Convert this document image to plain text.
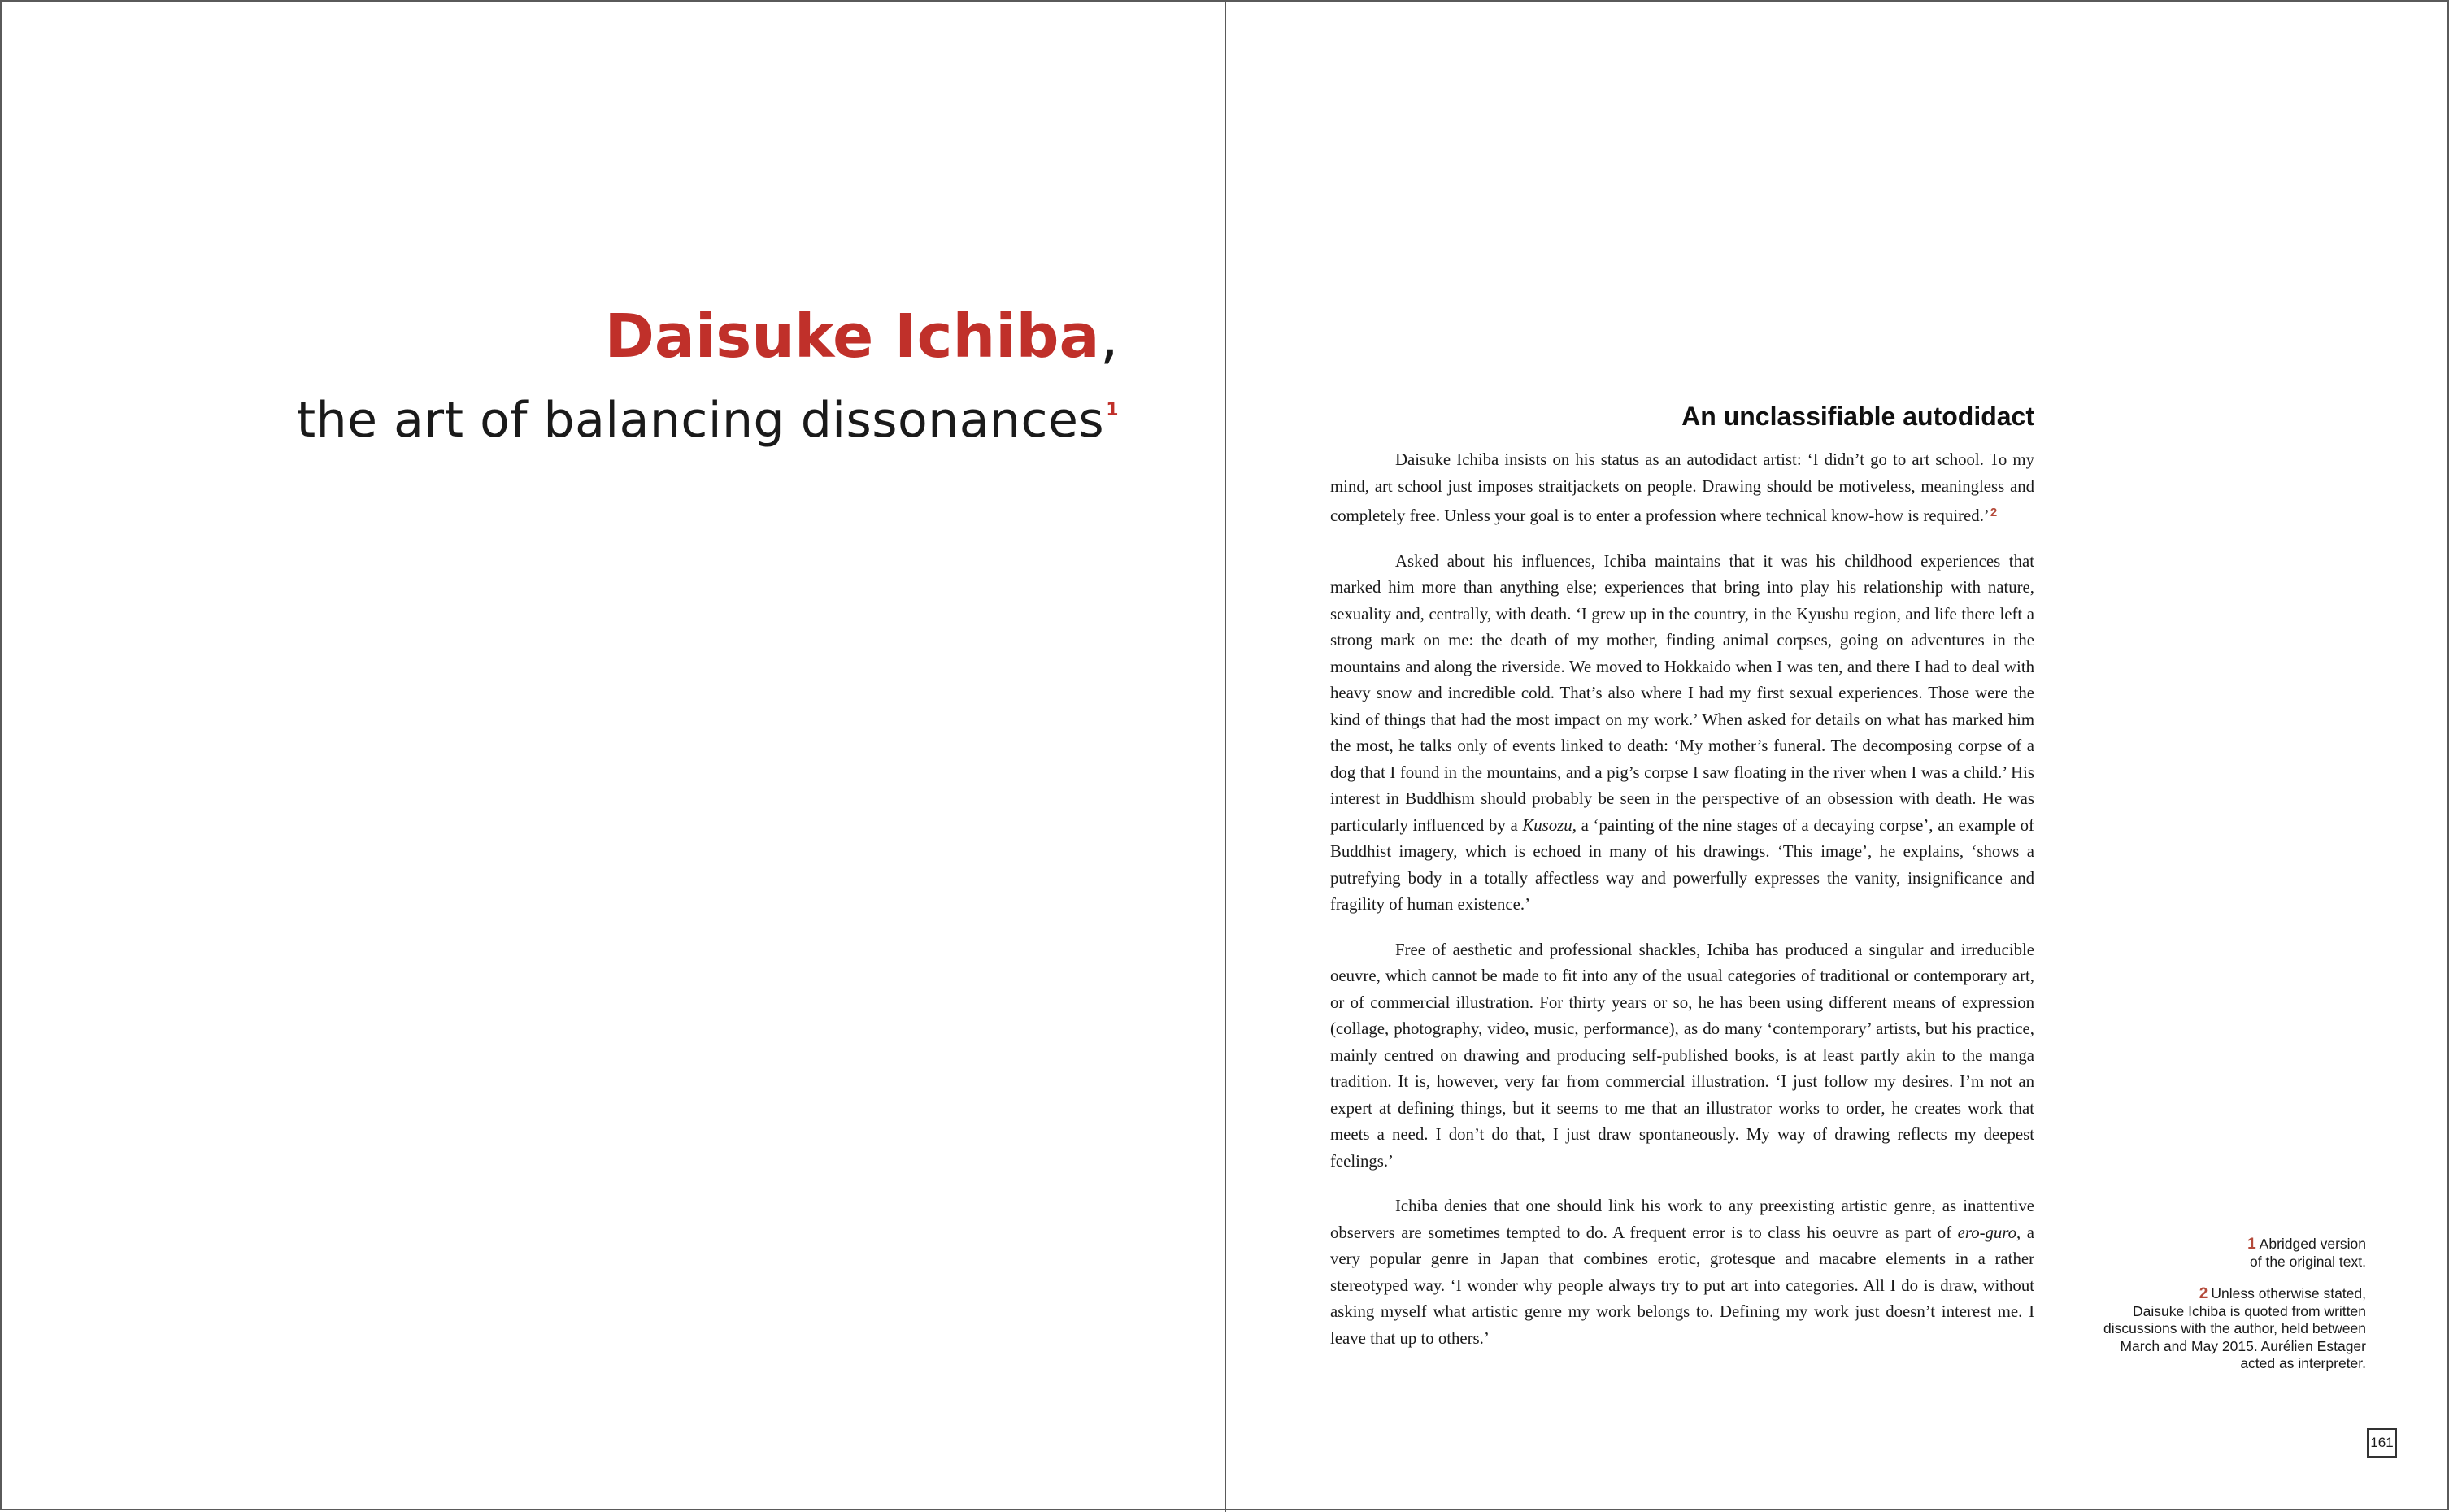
Daisuke Ichiba,
the art of balancing dissonances$^1$	An unclassifiable autodidact

Daisuke Ichiba insists on his status as an autodidact artist: ‘I didn’t go to art school. To my mind, art school just imposes straitjackets on people. Drawing should be motiveless, meaningless and completely free. Unless your goal is to enter a profession where technical know-how is required.’$^2$

Asked about his influences, Ichiba maintains that it was his childhood experiences that marked him more than anything else; experiences that bring into play his relationship with nature, sexuality and, centrally, with death. ‘I grew up in the country, in the Kyushu region, and life there left a strong mark on me: the death of my mother, finding animal corpses, going on adventures in the mountains and along the riverside. We moved to Hokkaido when I was ten, and there I had to deal with heavy snow and incredible cold. That’s also where I had my first sexual experiences. Those were the kind of things that had the most impact on my work.’ When asked for details on what has marked him the most, he talks only of events linked to death: ‘My mother’s funeral. The decomposing corpse of a dog that I found in the mountains, and a pig’s corpse I saw floating in the river when I was a child.’ His interest in Buddhism should probably be seen in the perspective of an obsession with death. He was particularly influenced by a Kusozu, a ‘painting of the nine stages of a decaying corpse’, an example of Buddhist imagery, which is echoed in many of his drawings. ‘This image’, he explains, ‘shows a putrefying body in a totally affectless way and powerfully expresses the vanity, insignificance and fragility of human existence.’

Free of aesthetic and professional shackles, Ichiba has produced a singular and irreducible oeuvre, which cannot be made to fit into any of the usual categories of traditional or contemporary art, or of commercial illustration. For thirty years or so, he has been using different means of expression (collage, photography, video, music, performance), as do many ‘contemporary’ artists, but his practice, mainly centred on drawing and producing self-published books, is at least partly akin to the manga tradition. It is, however, very far from commercial illustration. ‘I just follow my desires. I’m not an expert at defining things, but it seems to me that an illustrator works to order, he creates work that meets a need. I don’t do that, I just draw spontaneously. My way of drawing reflects my deepest feelings.’

Ichiba denies that one should link his work to any preexisting artistic genre, as inattentive observers are sometimes tempted to do. A frequent error is to class his oeuvre as part of ero-guro, a very popular genre in Japan that combines erotic, grotesque and macabre elements in a rather stereotyped way. ‘I wonder why people always try to put art into categories. All I do is draw, without asking myself what artistic genre my work belongs to. Defining my work just doesn’t interest me. I leave that up to others.’

1 Abridged version
of the original text.
2 Unless otherwise stated,
Daisuke Ichiba is quoted from written
discussions with the author, held between
March and May 2015. Aurélien Estager
acted as interpreter.
161
